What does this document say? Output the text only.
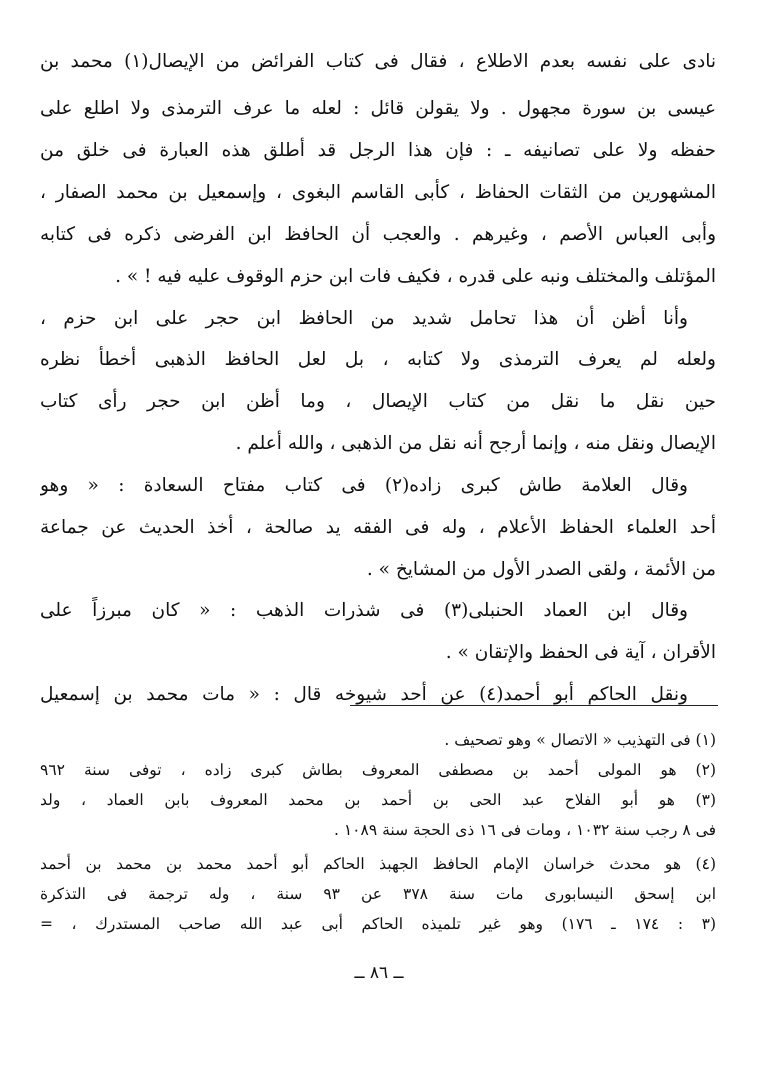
نادى على نفسه بعدم الاطلاع ، فقال فى كتاب الفرائض من الإيصال(١) محمد بن
عيسى بن سورة مجهول . ولا يقولن قائل : لعله ما عرف الترمذى ولا اطلع على
حفظه ولا على تصانيفه ـ : فإن هذا الرجل قد أطلق هذه العبارة فى خلق من
المشهورين من الثقات الحفاظ ، كأبى القاسم البغوى ، وإسمعيل بن محمد الصفار ،
وأبى العباس الأصم ، وغيرهم . والعجب أن الحافظ ابن الفرضى ذكره فى كتابه
المؤتلف والمختلف ونبه على قدره ، فكيف فات ابن حزم الوقوف عليه فيه ! » .
وأنا أظن أن هذا تحامل شديد من الحافظ ابن حجر على ابن حزم ،
ولعله لم يعرف الترمذى ولا كتابه ، بل لعل الحافظ الذهبى أخطأ نظره
حين نقل ما نقل من كتاب الإيصال ، وما أظن ابن حجر رأى كتاب
الإيصال ونقل منه ، وإنما أرجح أنه نقل من الذهبى ، والله أعلم .
وقال العلامة طاش كبرى زاده(٢) فى كتاب مفتاح السعادة : « وهو
أحد العلماء الحفاظ الأعلام ، وله فى الفقه يد صالحة ، أخذ الحديث عن جماعة
من الأئمة ، ولقى الصدر الأول من المشايخ » .
وقال ابن العماد الحنبلى(٣) فى شذرات الذهب : « كان مبرزاً على
الأقران ، آية فى الحفظ والإتقان » .
ونقل الحاكم أبو أحمد(٤) عن أحد شيوخه قال : « مات محمد بن إسمعيل
(١) فى التهذيب « الاتصال » وهو تصحيف .
(٢) هو المولى أحمد بن مصطفى المعروف بطاش كبرى زاده ، توفى سنة ٩٦٢
(٣) هو أبو الفلاح عبد الحى بن أحمد بن محمد المعروف بابن العماد ، ولد
فى ٨ رجب سنة ١٠٣٢ ، ومات فى ١٦ ذى الحجة سنة ١٠٨٩ .
(٤) هو محدث خراسان الإمام الحافظ الجهبذ الحاكم أبو أحمد محمد بن محمد بن أحمد
ابن إسحق النيسابورى مات سنة ٣٧٨ عن ٩٣ سنة ، وله ترجمة فى التذكرة
(٣ : ١٧٤ ـ ١٧٦) وهو غير تلميذه الحاكم أبى عبد الله صاحب المستدرك ، =
ــ ٨٦ ــ
